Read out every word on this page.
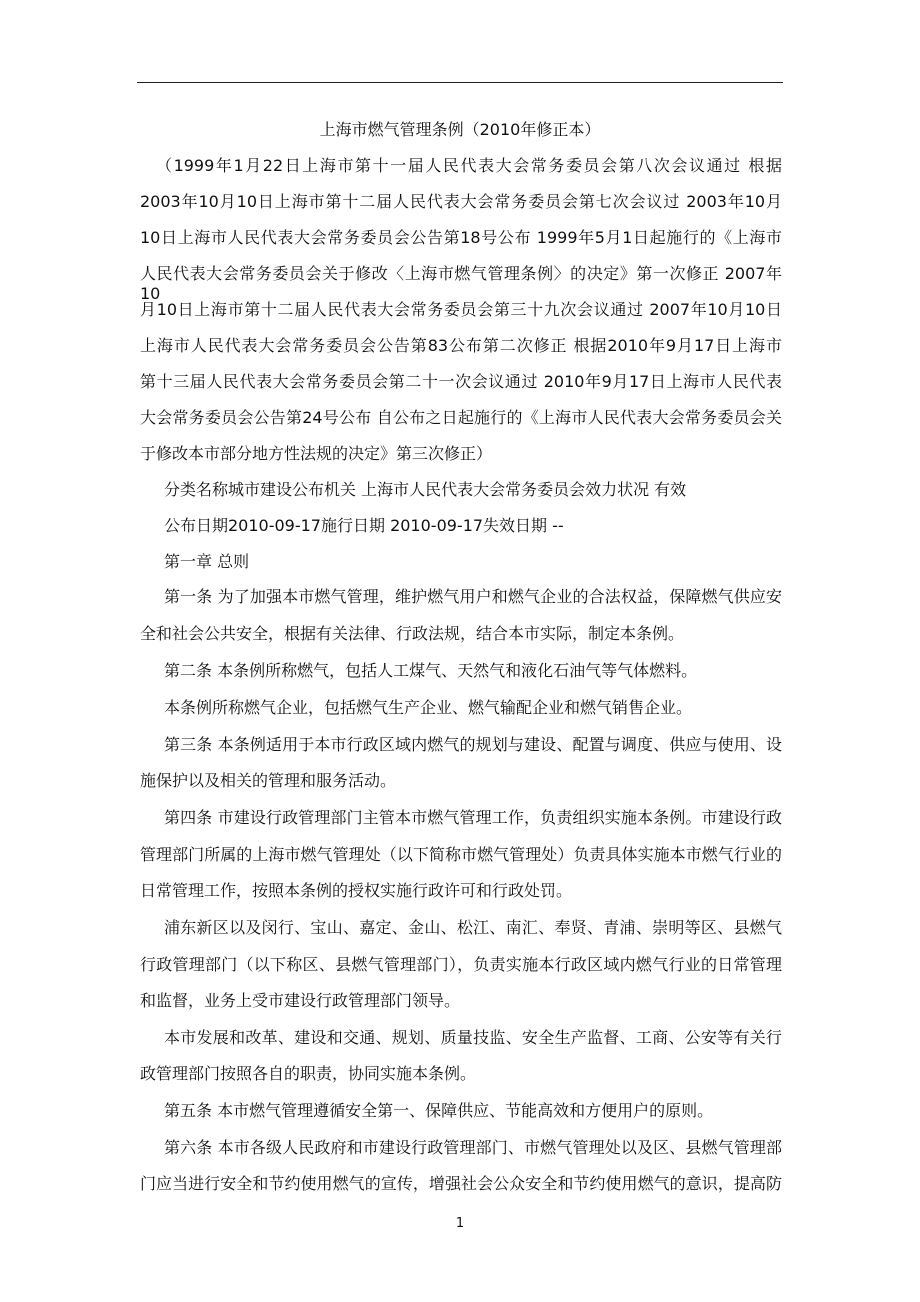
上海市燃气管理条例（2010年修正本）
（1999年1月22日上海市第十一届人民代表大会常务委员会第八次会议通过 根据
2003年10月10日上海市第十二届人民代表大会常务委员会第七次会议过 2003年10月
10日上海市人民代表大会常务委员会公告第18号公布 1999年5月1日起施行的《上海市
人民代表大会常务委员会关于修改〈上海市燃气管理条例〉的决定》第一次修正 2007年10
月10日上海市第十二届人民代表大会常务委员会第三十九次会议通过 2007年10月10日
上海市人民代表大会常务委员会公告第83公布第二次修正 根据2010年9月17日上海市
第十三届人民代表大会常务委员会第二十一次会议通过 2010年9月17日上海市人民代表
大会常务委员会公告第24号公布 自公布之日起施行的《上海市人民代表大会常务委员会关
于修改本市部分地方性法规的决定》第三次修正）
分类名称城市建设公布机关 上海市人民代表大会常务委员会效力状况 有效
公布日期2010-09-17施行日期 2010-09-17失效日期 --
第一章 总则
第一条 为了加强本市燃气管理，维护燃气用户和燃气企业的合法权益，保障燃气供应安
全和社会公共安全，根据有关法律、行政法规，结合本市实际，制定本条例。
第二条 本条例所称燃气，包括人工煤气、天然气和液化石油气等气体燃料。
本条例所称燃气企业，包括燃气生产企业、燃气输配企业和燃气销售企业。
第三条 本条例适用于本市行政区域内燃气的规划与建设、配置与调度、供应与使用、设
施保护以及相关的管理和服务活动。
第四条 市建设行政管理部门主管本市燃气管理工作，负责组织实施本条例。市建设行政
管理部门所属的上海市燃气管理处（以下简称市燃气管理处）负责具体实施本市燃气行业的
日常管理工作，按照本条例的授权实施行政许可和行政处罚。
浦东新区以及闵行、宝山、嘉定、金山、松江、南汇、奉贤、青浦、崇明等区、县燃气
行政管理部门（以下称区、县燃气管理部门），负责实施本行政区域内燃气行业的日常管理
和监督，业务上受市建设行政管理部门领导。
本市发展和改革、建设和交通、规划、质量技监、安全生产监督、工商、公安等有关行
政管理部门按照各自的职责，协同实施本条例。
第五条 本市燃气管理遵循安全第一、保障供应、节能高效和方便用户的原则。
第六条 本市各级人民政府和市建设行政管理部门、市燃气管理处以及区、县燃气管理部
门应当进行安全和节约使用燃气的宣传，增强社会公众安全和节约使用燃气的意识，提高防
1
